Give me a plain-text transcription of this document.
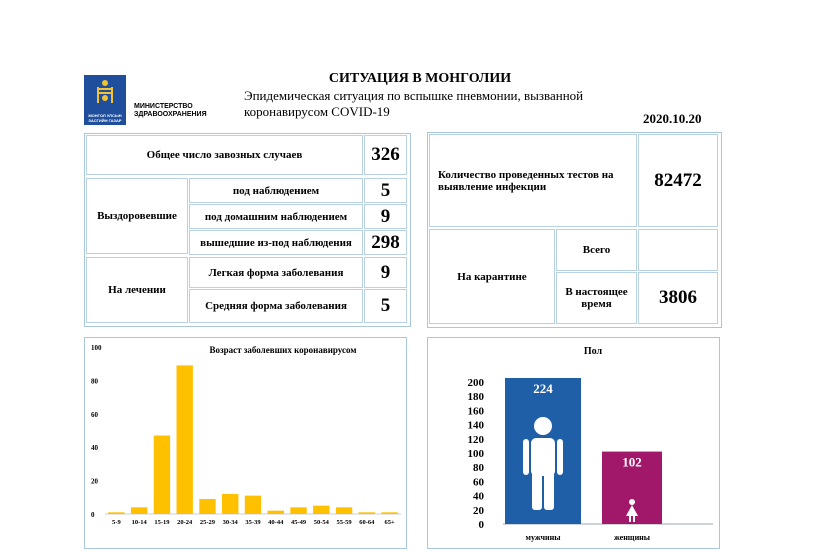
МОНГОЛ УЛСЫН ЗАСГИЙН ГАЗАР
МИНИСТЕРСТВО
ЗДРАВООХРАНЕНИЯ
СИТУАЦИЯ В МОНГОЛИИ
Эпидемическая ситуация по вспышке пневмонии, вызванной
коронавирусом COVID-19	2020.10.20
Общее число завозных случаев	326
Выздоровевшие
под наблюдением	5
под домашним наблюдением	9
вышедшие из-под наблюдения	298
На лечении
Легкая форма заболевания	9
Средняя форма заболевания	5
Количество проведенных тестов на выявление инфекции	82472
На карантине
Всего
В настоящее время	3806
Возраст заболевших коронавирусом
0
20
40
60
80
100
5-9 10-14 15-19 20-24 25-29 30-34 35-39 40-44 45-49 50-54 55-59 60-64 65+
Пол
0
20
40
60
80
100
120
140
160
180
200	224
102
мужчины	женщины
